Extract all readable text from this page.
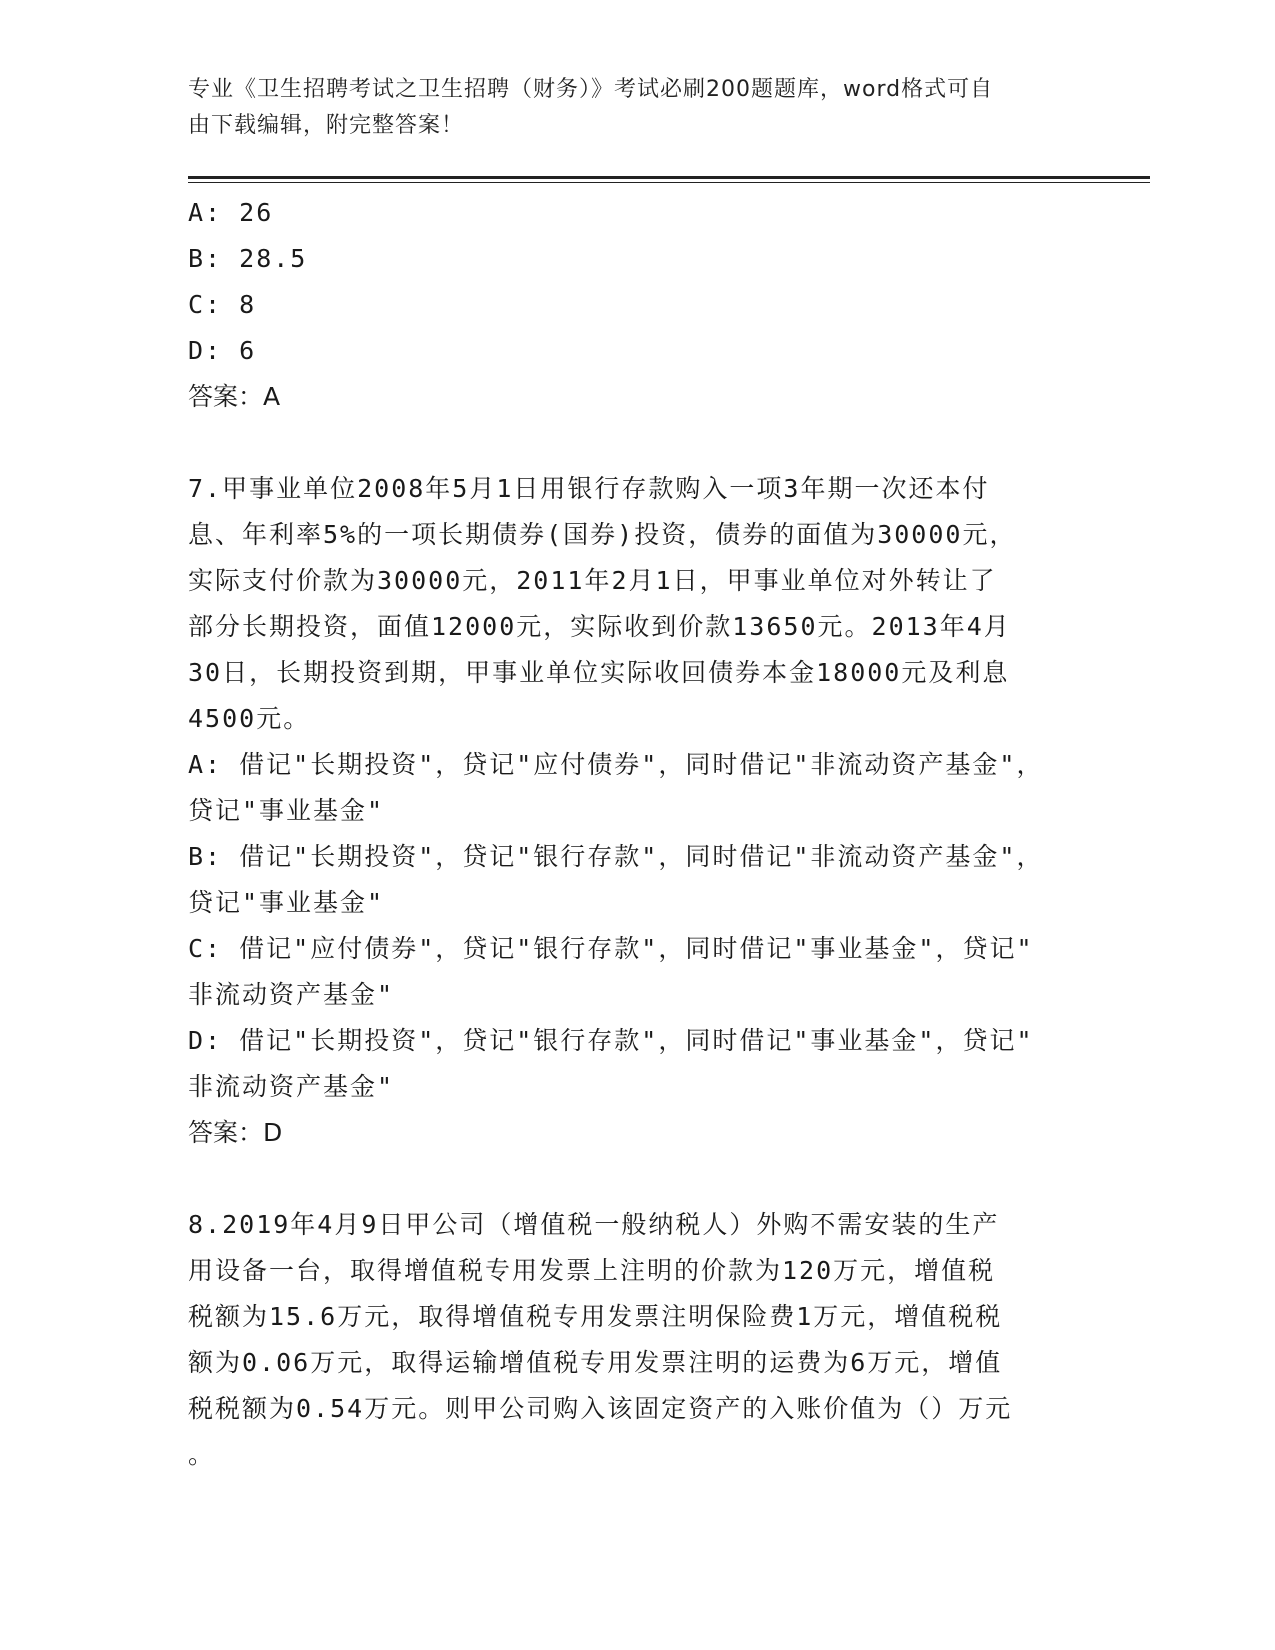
专业《卫生招聘考试之卫生招聘（财务）》考试必刷200题题库，word格式可自
由下载编辑，附完整答案！
A: 26
B: 28.5
C: 8
D: 6
答案：A
7.甲事业单位2008年5月1日用银行存款购入一项3年期一次还本付
息、年利率5%的一项长期债券(国券)投资，债券的面值为30000元，
实际支付价款为30000元，2011年2月1日，甲事业单位对外转让了
部分长期投资，面值12000元，实际收到价款13650元。2013年4月
30日，长期投资到期，甲事业单位实际收回债券本金18000元及利息
4500元。
A: 借记"长期投资"，贷记"应付债券"，同时借记"非流动资产基金"，
贷记"事业基金"
B: 借记"长期投资"，贷记"银行存款"，同时借记"非流动资产基金"，
贷记"事业基金"
C: 借记"应付债券"，贷记"银行存款"，同时借记"事业基金"，贷记"
非流动资产基金"
D: 借记"长期投资"，贷记"银行存款"，同时借记"事业基金"，贷记"
非流动资产基金"
答案：D
8.2019年4月9日甲公司（增值税一般纳税人）外购不需安装的生产
用设备一台，取得增值税专用发票上注明的价款为120万元，增值税
税额为15.6万元，取得增值税专用发票注明保险费1万元，增值税税
额为0.06万元，取得运输增值税专用发票注明的运费为6万元，增值
税税额为0.54万元。则甲公司购入该固定资产的入账价值为（）万元
。
